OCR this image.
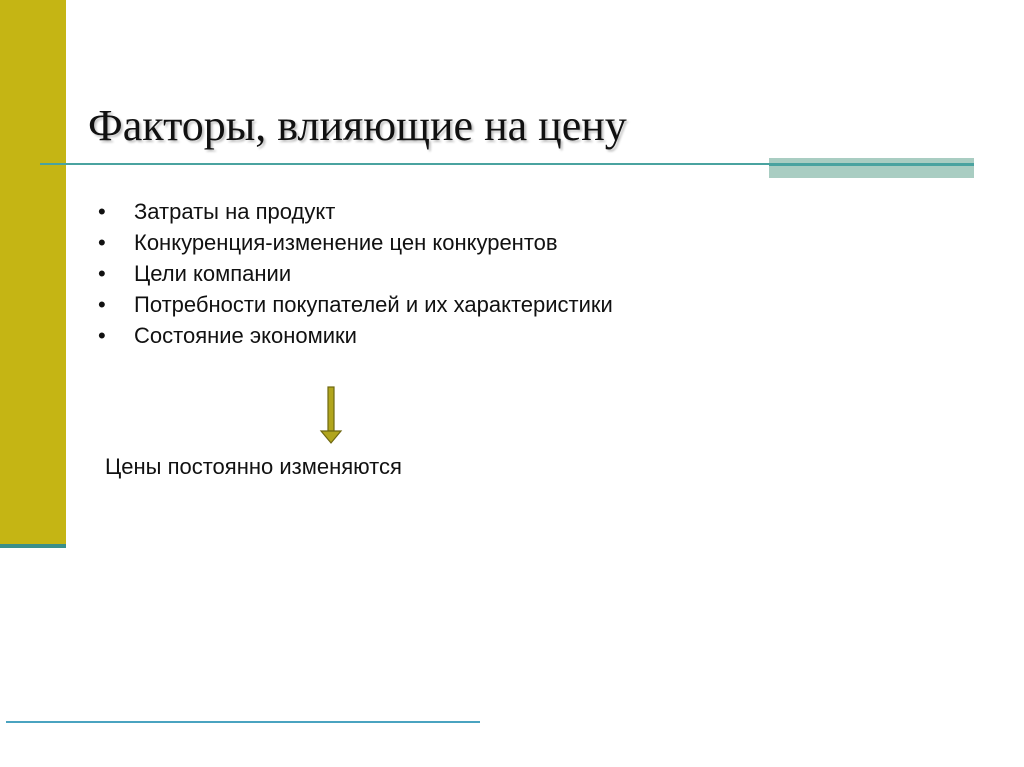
Факторы, влияющие на цену
•	Затраты на продукт
•	Конкуренция-изменение цен конкурентов
•	Цели компании
•	Потребности покупателей и их характеристики
•	Состояние экономики

Цены постоянно изменяются
